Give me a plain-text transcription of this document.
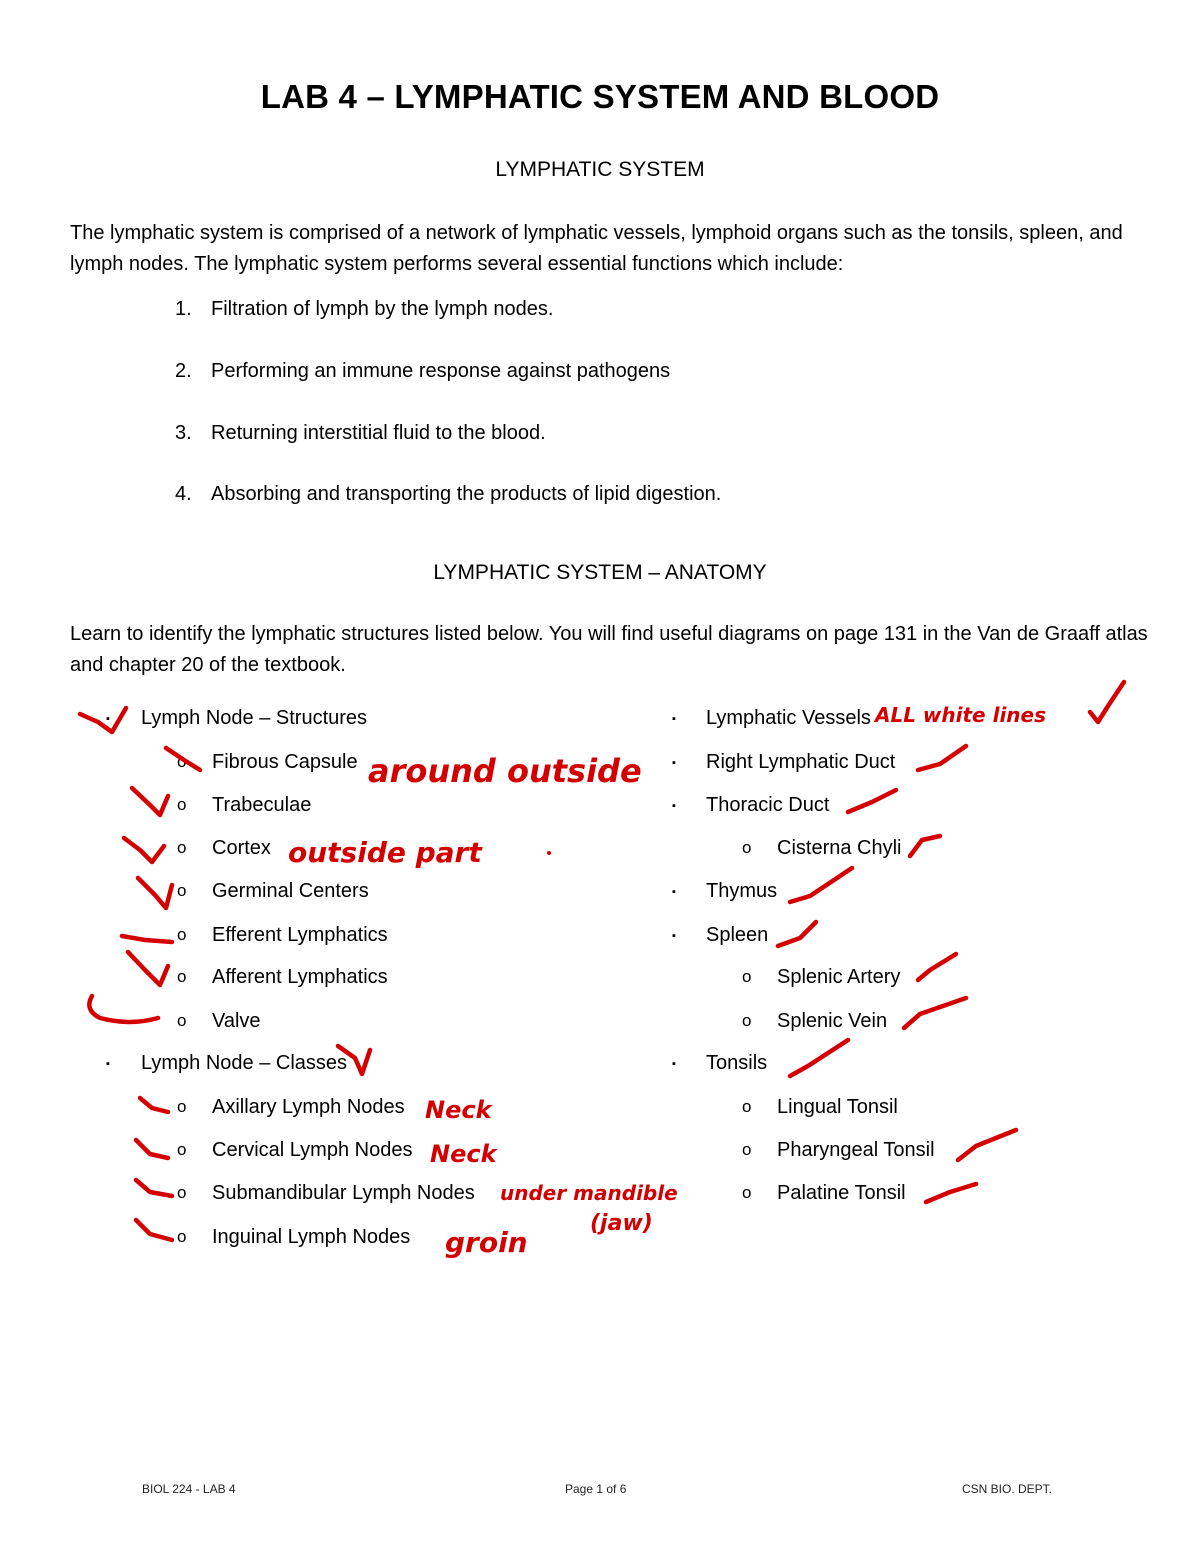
LAB 4 – LYMPHATIC SYSTEM AND BLOOD
LYMPHATIC SYSTEM

The lymphatic system is comprised of a network of lymphatic vessels, lymphoid organs such as the tonsils, spleen, and lymph nodes. The lymphatic system performs several essential functions which include:

1. Filtration of lymph by the lymph nodes.
2. Performing an immune response against pathogens
3. Returning interstitial fluid to the blood.
4. Absorbing and transporting the products of lipid digestion.
LYMPHATIC SYSTEM – ANATOMY

Learn to identify the lymphatic structures listed below. You will find useful diagrams on page 131 in the Van de Graaff atlas and chapter 20 of the textbook.

▪ Lymph Node – Structures
o Fibrous Capsule
o Trabeculae
o Cortex
o Germinal Centers
o Efferent Lymphatics
o Afferent Lymphatics
o Valve
▪ Lymph Node – Classes
o Axillary Lymph Nodes
o Cervical Lymph Nodes
o Submandibular Lymph Nodes
o Inguinal Lymph Nodes
▪ Lymphatic Vessels
▪ Right Lymphatic Duct
▪ Thoracic Duct
o Cisterna Chyli
▪ Thymus
▪ Spleen
o Splenic Artery
o Splenic Vein
▪ Tonsils
o Lingual Tonsil
o Pharyngeal Tonsil
o Palatine Tonsil
around outside
outside part
ALL white lines
Neck
Neck
under mandible
(jaw)
groin
BIOL 224 - LAB 4	Page 1 of 6	CSN BIO. DEPT.
